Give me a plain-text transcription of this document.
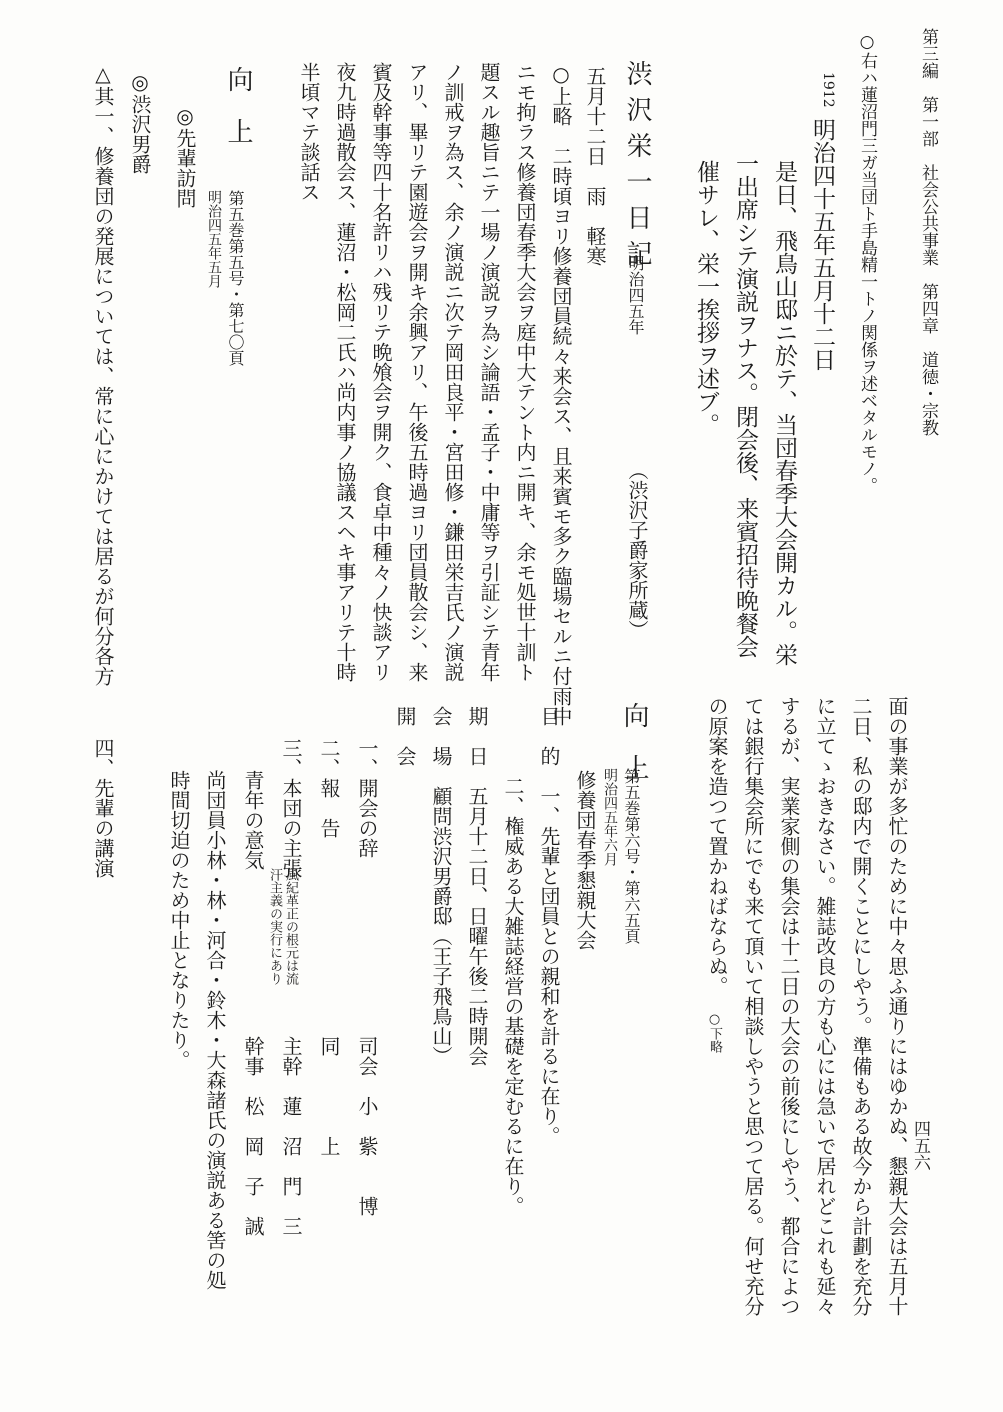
第三編　第一部　社会公共事業　第四章　道徳・宗教
四五六
○右ハ蓮沼門三ガ当団ト手島精一トノ関係ヲ述ベタルモノ。
1912
明治四十五年五月十二日
是日、飛鳥山邸ニ於テ、当団春季大会開カル。栄
一出席シテ演説ヲナス。閉会後、来賓招待晩餐会
催サレ、栄一挨拶ヲ述ブ。
渋沢栄一日記
明治四五年
（渋沢子爵家所蔵）
五月十二日　雨　軽寒
○上略　二時頃ヨリ修養団員続々来会ス、且来賓モ多ク臨場セルニ付雨中
ニモ拘ラス修養団春季大会ヲ庭中大テント内ニ開キ、余モ処世十訓ト
題スル趣旨ニテ一場ノ演説ヲ為シ論語・孟子・中庸等ヲ引証シテ青年
ノ訓戒ヲ為ス、余ノ演説ニ次テ岡田良平・宮田修・鎌田栄吉氏ノ演説
アリ、畢リテ園遊会ヲ開キ余興アリ、午後五時過ヨリ団員散会シ、来
賓及幹事等四十名許リハ残リテ晩飧会ヲ開ク、食卓中種々ノ快談アリ
夜九時過散会ス、蓮沼・松岡二氏ハ尚内事ノ協議スヘキ事アリテ十時
半頃マテ談話ス
向　上
第五巻第五号・第七〇頁
明治四五年五月
◎先輩訪問
◎渋沢男爵
△其一、修養団の発展については、常に心にかけては居るが何分各方
面の事業が多忙のために中々思ふ通りにはゆかぬ、懇親大会は五月十
二日、私の邸内で開くことにしやう。準備もある故今から計劃を充分
に立てゝおきなさい。雑誌改良の方も心には急いで居れどこれも延々
するが、実業家側の集会は十二日の大会の前後にしやう、都合によつ
ては銀行集会所にでも来て頂いて相談しやうと思つて居る。何せ充分
の原案を造つて置かねばならぬ。
○下略
向　上
第五巻第六号・第六五頁
明治四五年六月
修養団春季懇親大会
目　的　一、先輩と団員との親和を計るに在り。
二、権威ある大雑誌経営の基礎を定むるに在り。
期　日　五月十二日、日曜午後二時開会
会　場　顧問渋沢男爵邸（王子飛鳥山）
開　会
一、開会の辞
司会　小　紫　　博
二、報　告
同　　　　上
三、本団の主張
風紀革正の根元は流
汗主義の実行にあり
主幹　蓮　沼　門　三
青年の意気
幹事　松　岡　子　誠
尚団員小林・林・河合・鈴木・大森諸氏の演説ある筈の処
時間切迫のため中止となりたり。
四、先輩の講演
